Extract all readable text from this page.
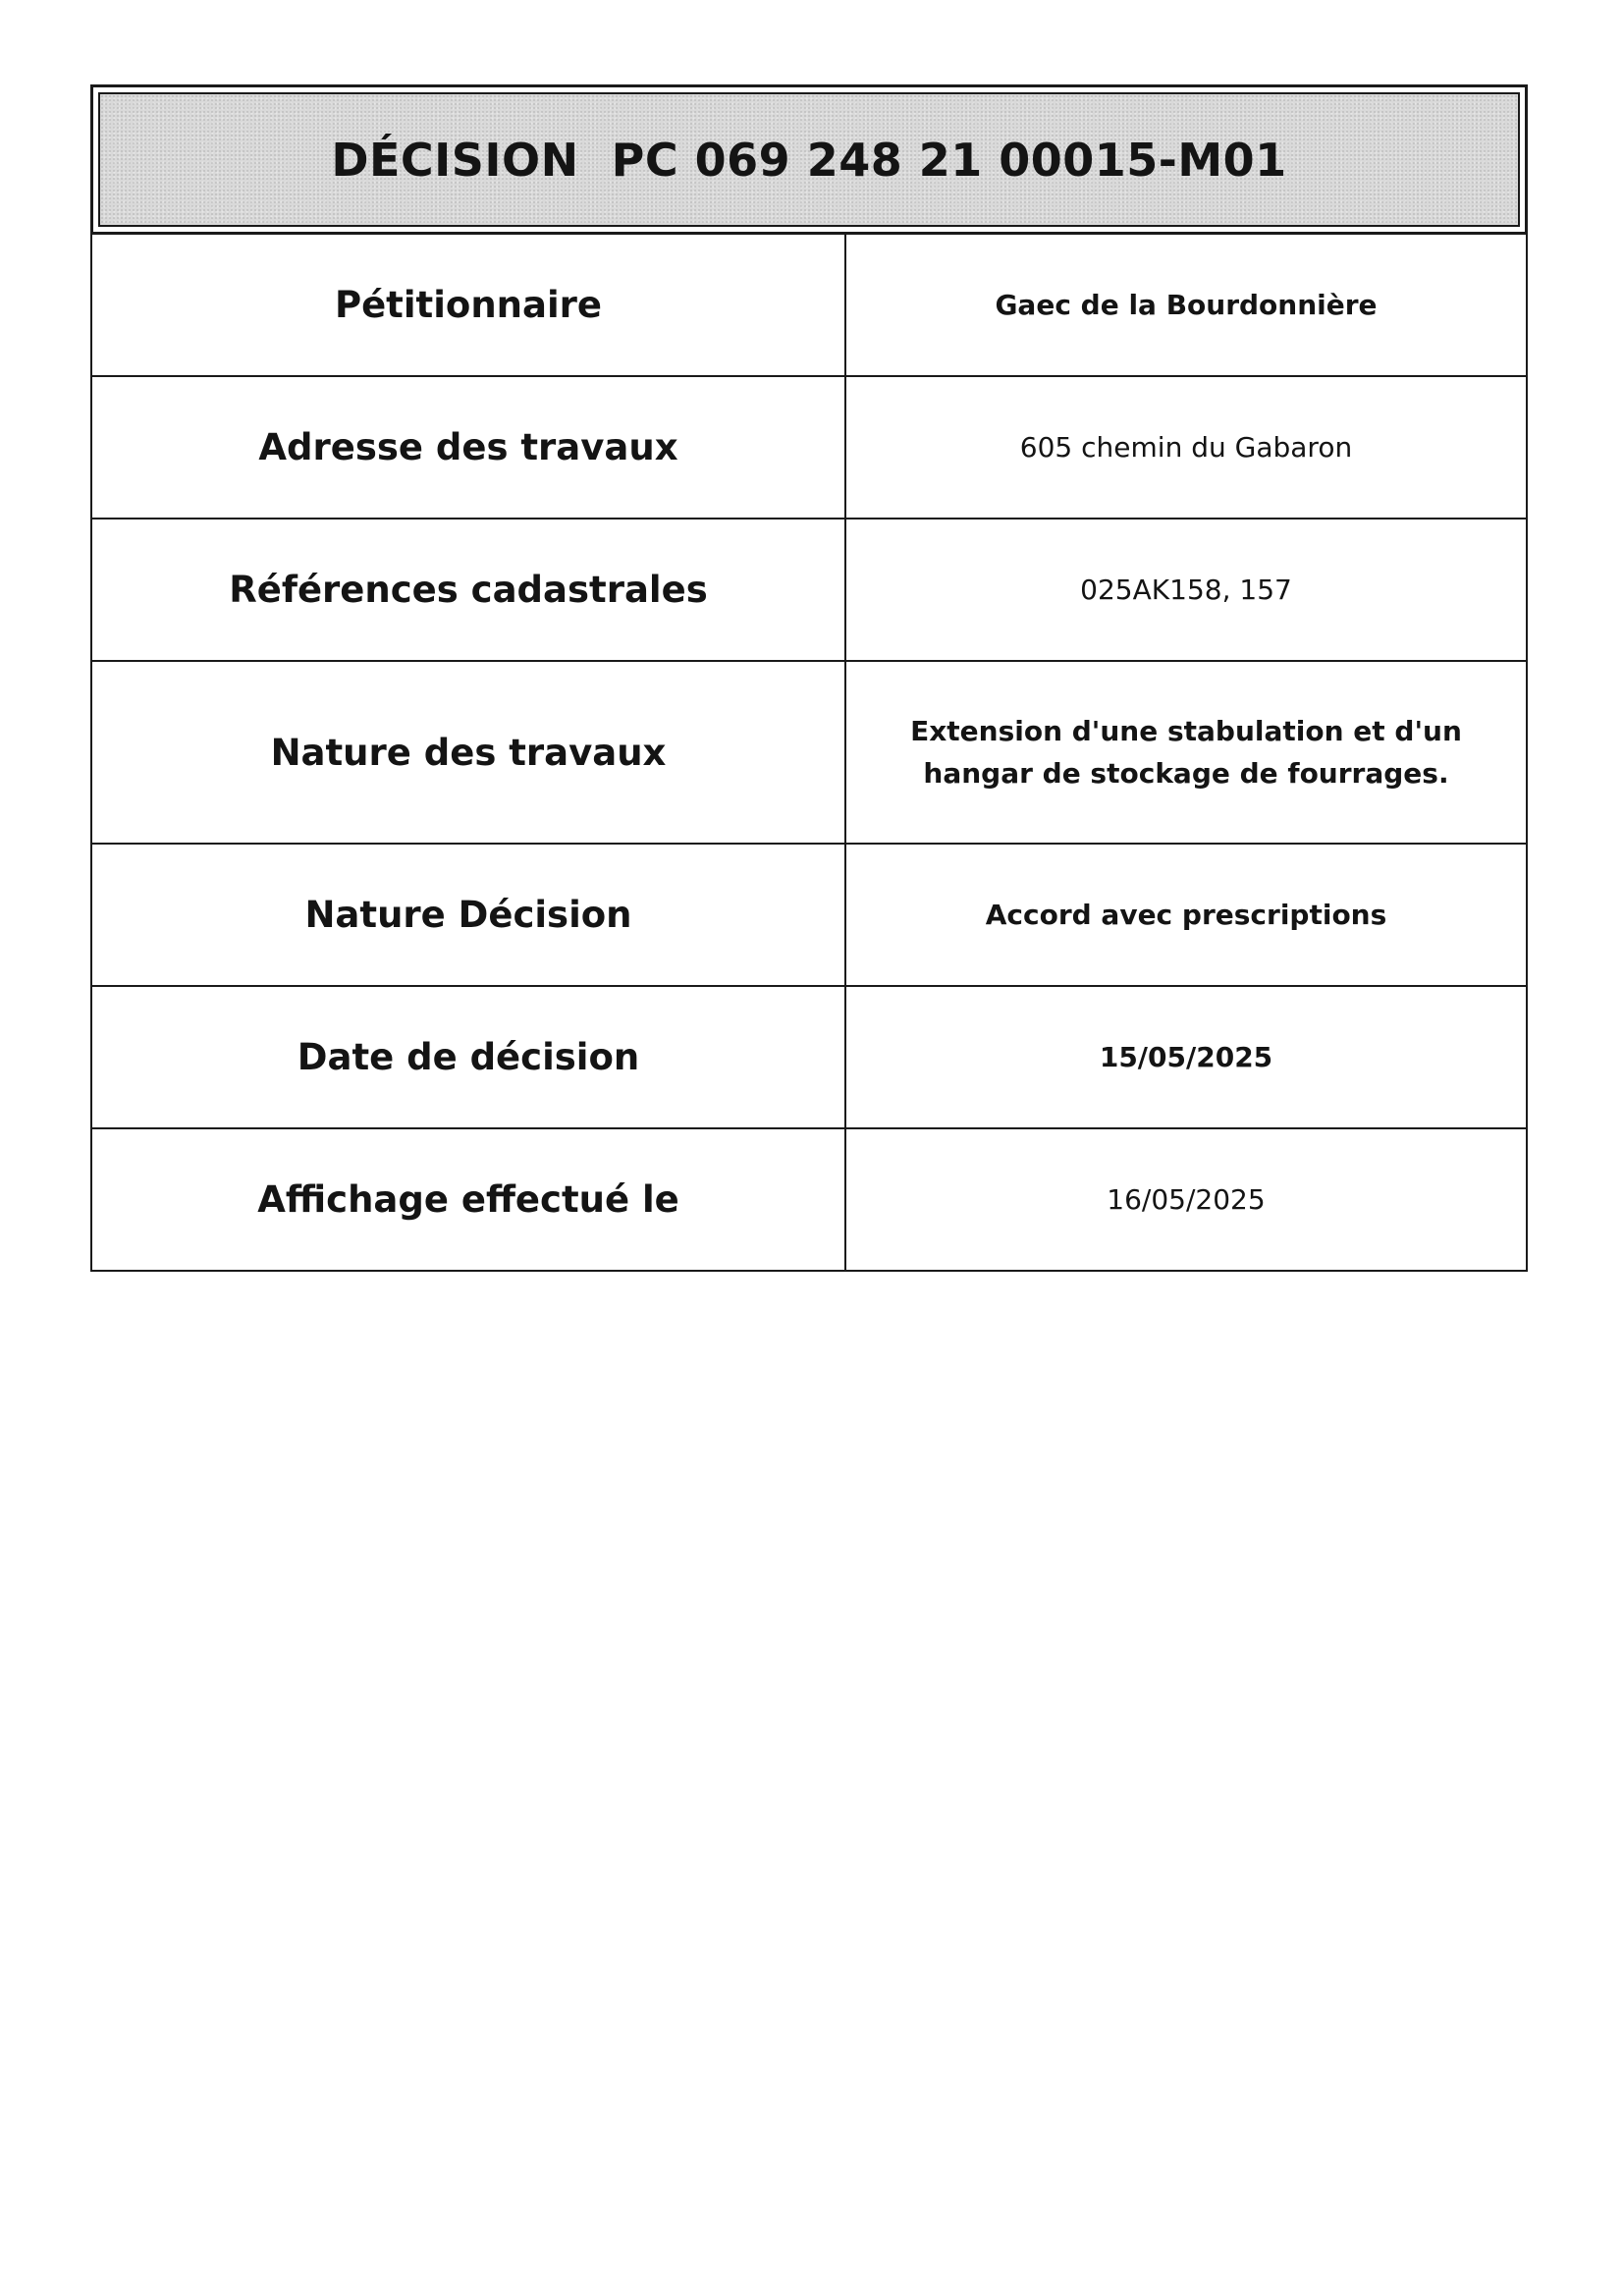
DÉCISION  PC 069 248 21 00015-M01
Pétitionnaire	Gaec de la Bourdonnière
Adresse des travaux	605 chemin du Gabaron
Références cadastrales	025AK158, 157
Nature des travaux	Extension d'une stabulation et d'un hangar de stockage de fourrages.
Nature Décision	Accord avec prescriptions
Date de décision	15/05/2025
Affichage effectué le	16/05/2025
